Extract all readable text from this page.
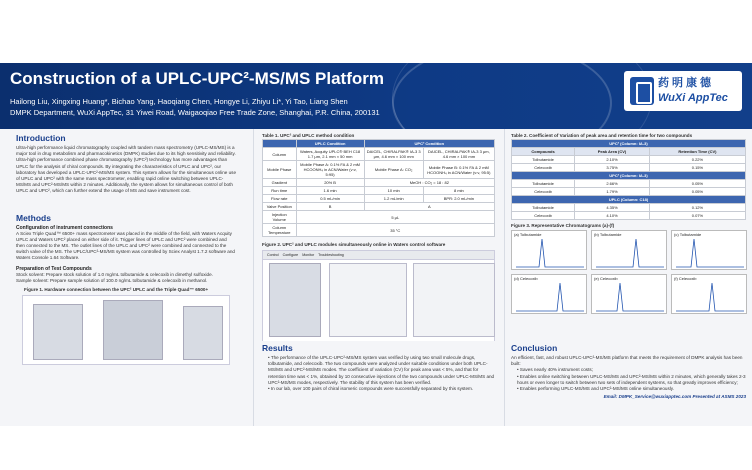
Construction of a UPLC-UPC²-MS/MS Platform
Hailong Liu, Xingxing Huang*, Bichao Yang, Haoqiang Chen, Hongye Li, Zhiyu Li*, Yi Tao, Liang Shen
DMPK Department, WuXi AppTec, 31 Yiwei Road, Waigaoqiao Free Trade Zone, Shanghai, P.R. China, 200131
药明康德
WuXi AppTec
Introduction
Ultra-high performance liquid chromatography coupled with tandem mass spectrometry (UPLC-MS/MS) is a major tool in drug metabolism and pharmacokinetics (DMPK) studies due to its high sensitivity and reliability. Ultra-high performance combined phase chromatography (UPC²) technology has more advantages than UPLC for the analysis of chiral compounds. By integrating the characteristics of UPLC and UPC², our laboratory has developed a UPLC-UPC²-MS/MS system. This system allows for the simultaneous online use of UPLC and UPC² with the same mass spectrometer, enabling rapid online switching between UPLC-MS/MS and UPC²-MS/MS within 2 minutes. Additionally, the system allows for simultaneous control of both UPLC and UPC², which can further extend the usage of MS and save instrument cost.
Methods
Configuration of instrument connections
A Sciex Triple Quad™ 6500+ mass spectrometer was placed in the middle of the field, with Waters Acquity UPLC and Waters UPC² placed on either side of it. Trigger lines of UPLC and UPC² were combined and then connected to the MS. The outlet lines of the UPLC and UPC² were combined and connected to the switch valve of the MS. The UPLC/UPC²-MS/MS system was controlled by Sciex Analyst 1.7.2 software and Waters Console 1.64 Software.
Preparation of Test Compounds
Stock solvent: Prepare stock solution of 1.0 mg/mL tolbutamide & celecoxib in dimethyl sulfoxide.
Sample solvent: Prepare sample solution of 100.0 ng/mL tolbutamide & celecoxib in methanol.
Figure 1. Hardware connection between the UPC² UPLC and the Triple Quad™ 6500+
Table 1. UPC² and UPLC method condition
	UPLC Condition	UPC² Condition	
Column	Waters, Acquity UPLC® BEH C18 1.7 μm, 2.1 mm × 50 mm	DAICEL, CHIRALPAK® IA-3 3 μm, 4.6 mm × 100 mm	DAICEL, CHIRALPAK® IA-3 3 μm, 4.6 mm × 100 mm
Mobile Phase	Mobile Phase A: 0.1% FA & 2 mM HCOONH₄ in ACN/Water (v:v, 5:95)	Mobile Phase A: CO₂	Mobile Phase B: 0.1% FA & 2 mM HCOONH₄ in ACN/Water (v:v, 95:5)
Gradient	20% B	MeOH : CO₂ = 18 : 82	
Run time	1.6 min	10 min	8 min
Flow rate	0.5 mL/min	1.2 mL/min	BPR: 2.0 mL/min
Valve Position	B	A	
Injection Volume	5 μL		
Column Temperature	35 °C		
Figure 2. UPC² and UPLC modules simultaneously online in Waters control software
Control Configure Monitor Troubleshooting
Table 2. Coefficient of Variation of peak area and retention time for two compounds
UPC² (Column: IA-3)		
Compounds	Peak Area (CV)	Retention Time (CV)
Tolbutamide	2.10%	0.22%
Celecoxib	3.75%	0.15%
UPC² (Column: IA-3)		
Tolbutamide	2.66%	0.05%
Celecoxib	1.79%	0.05%
UPLC (Column: C18)		
Tolbutamide	4.35%	0.12%
Celecoxib	4.10%	0.07%
Figure 3. Representative Chromatograms (a)-(f)
(a) Tolbutamide	(b) Tolbutamide	(c) Tolbutamide
(d) Celecoxib	(e) Celecoxib	(f) Celecoxib
Results
• The performance of the UPLC-UPC²-MS/MS system was verified by using two small molecule drugs, tolbutamide, and celecoxib. The two compounds were analyzed under suitable conditions under both UPLC-MS/MS and UPC²-MS/MS modes. The coefficient of variation (CV) for peak area was < 5%, and that for retention time was < 1%, obtained by 10 consecutive injections of the two compounds under UPLC-MS/MS and UPC²-MS/MS modes, respectively. The stability of this system has been verified.
• In our lab, over 100 pairs of chiral isomeric compounds were successfully separated by this system.
Conclusion
An efficient, fast, and robust UPLC-UPC²-MS/MS platform that meets the requirement of DMPK analysis has been built:
• Saves nearly 40% instrument costs;
• Enables online switching between UPLC-MS/MS and UPC²-MS/MS within 2 minutes, which generally takes 2-3 hours or even longer to switch between two sets of independent systems, so that greatly improves efficiency;
• Enables performing UPLC-MS/MS and UPC²-MS/MS online simultaneously.
Email: DMPK_Service@wuxiapptec.com Presented at ASMS 2023
